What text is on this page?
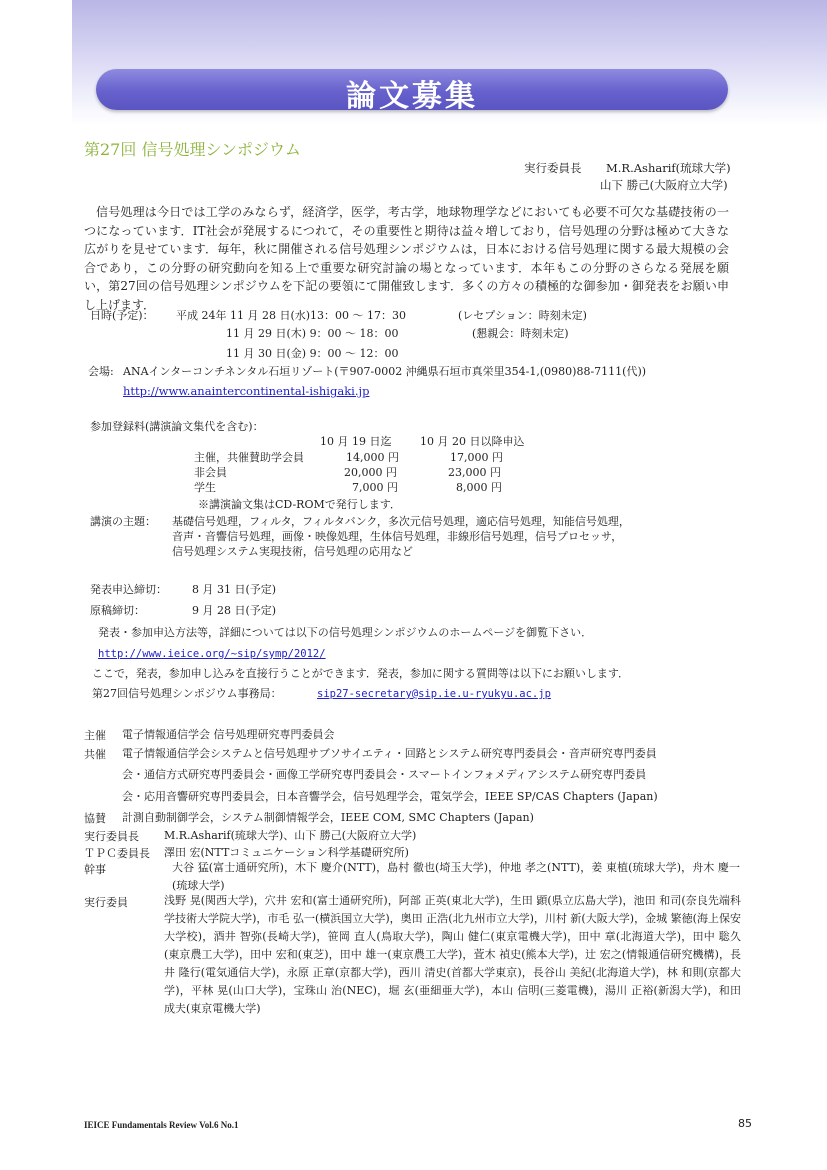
論文募集
第27回 信号処理シンポジウム
実行委員長 M.R.Asharif(琉球大学)
山下 勝己(大阪府立大学)
信号処理は今日では工学のみならず，経済学，医学，考古学，地球物理学などにおいても必要不可欠な基礎技術の一つになっています．IT社会が発展するにつれて，その重要性と期待は益々増しており，信号処理の分野は極めて大きな広がりを見せています．毎年，秋に開催される信号処理シンポジウムは，日本における信号処理に関する最大規模の会合であり，この分野の研究動向を知る上で重要な研究討論の場となっています．本年もこの分野のさらなる発展を願い，第27回の信号処理シンポジウムを下記の要領にて開催致します．多くの方々の積極的な御参加・御発表をお願い申し上げます．
日時(予定)： 平成 24年 11 月 28 日(水)13：00 〜 17：30	(レセプション：時刻未定)
11 月 29 日(木) 9：00 〜 18：00	(懇親会：時刻未定)
11 月 30 日(金) 9：00 〜 12：00
会場: ANAインターコンチネンタル石垣リゾート(〒907-0002 沖縄県石垣市真栄里354-1,(0980)88-7111(代))
http://www.anaintercontinental-ishigaki.jp
参加登録料(講演論文集代を含む)：
10 月 19 日迄	10 月 20 日以降申込
主催，共催賛助学会員	14,000 円	17,000 円
非会員	20,000 円	23,000 円
学生	7,000 円	8,000 円
※講演論文集はCD-ROMで発行します．
講演の主題： 基礎信号処理，フィルタ，フィルタバンク，多次元信号処理，適応信号処理，知能信号処理，
音声・音響信号処理，画像・映像処理，生体信号処理，非線形信号処理，信号プロセッサ，
信号処理システム実現技術，信号処理の応用など
発表申込締切： 8 月 31 日(予定)
原稿締切：	9 月 28 日(予定)
発表・参加申込方法等，詳細については以下の信号処理シンポジウムのホームページを御覧下さい．
http://www.ieice.org/~sip/symp/2012/
ここで，発表，参加申し込みを直接行うことができます．発表，参加に関する質問等は以下にお願いします．
第27回信号処理シンポジウム事務局：	sip27-secretary@sip.ie.u-ryukyu.ac.jp
主催 電子情報通信学会 信号処理研究専門委員会
共催 電子情報通信学会システムと信号処理サブソサイエティ・回路とシステム研究専門委員会・音声研究専門委員
会・通信方式研究専門委員会・画像工学研究専門委員会・スマートインフォメディアシステム研究専門委員
会・応用音響研究専門委員会，日本音響学会，信号処理学会，電気学会，IEEE SP/CAS Chapters (Japan)
協賛 計測自動制御学会，システム制御情報学会，IEEE COM, SMC Chapters (Japan)
実行委員長 M.R.Asharif(琉球大学)、山下 勝己(大阪府立大学)
ＴＰＣ委員長 澤田 宏(NTTコミュニケーション科学基礎研究所)
幹事	大谷 猛(富士通研究所)，木下 慶介(NTT)，島村 徹也(埼玉大学)，仲地 孝之(NTT)，姜 東植(琉球大学)，舟木 慶一(琉球大学)
実行委員	浅野 晃(関西大学)，穴井 宏和(富士通研究所)，阿部 正英(東北大学)，生田 顕(県立広島大学)，池田 和司(奈良先端科学技術大学院大学)，市毛 弘一(横浜国立大学)，奥田 正浩(北九州市立大学)，川村 新(大阪大学)，金城 繁徳(海上保安大学校)，酒井 智弥(長崎大学)，笹岡 直人(鳥取大学)，陶山 健仁(東京電機大学)，田中 章(北海道大学)，田中 聡久(東京農工大学)，田中 宏和(東芝)，田中 雄一(東京農工大学)，萓木 禎史(熊本大学)，辻 宏之(情報通信研究機構)，長井 隆行(電気通信大学)，永原 正章(京都大学)，西川 清史(首都大学東京)，長谷山 美紀(北海道大学)，林 和則(京都大学)，平林 晃(山口大学)，宝珠山 治(NEC)，堀 玄(亜細亜大学)，本山 信明(三菱電機)，湯川 正裕(新潟大学)，和田 成夫(東京電機大学)
IEICE Fundamentals Review Vol.6 No.1	85
